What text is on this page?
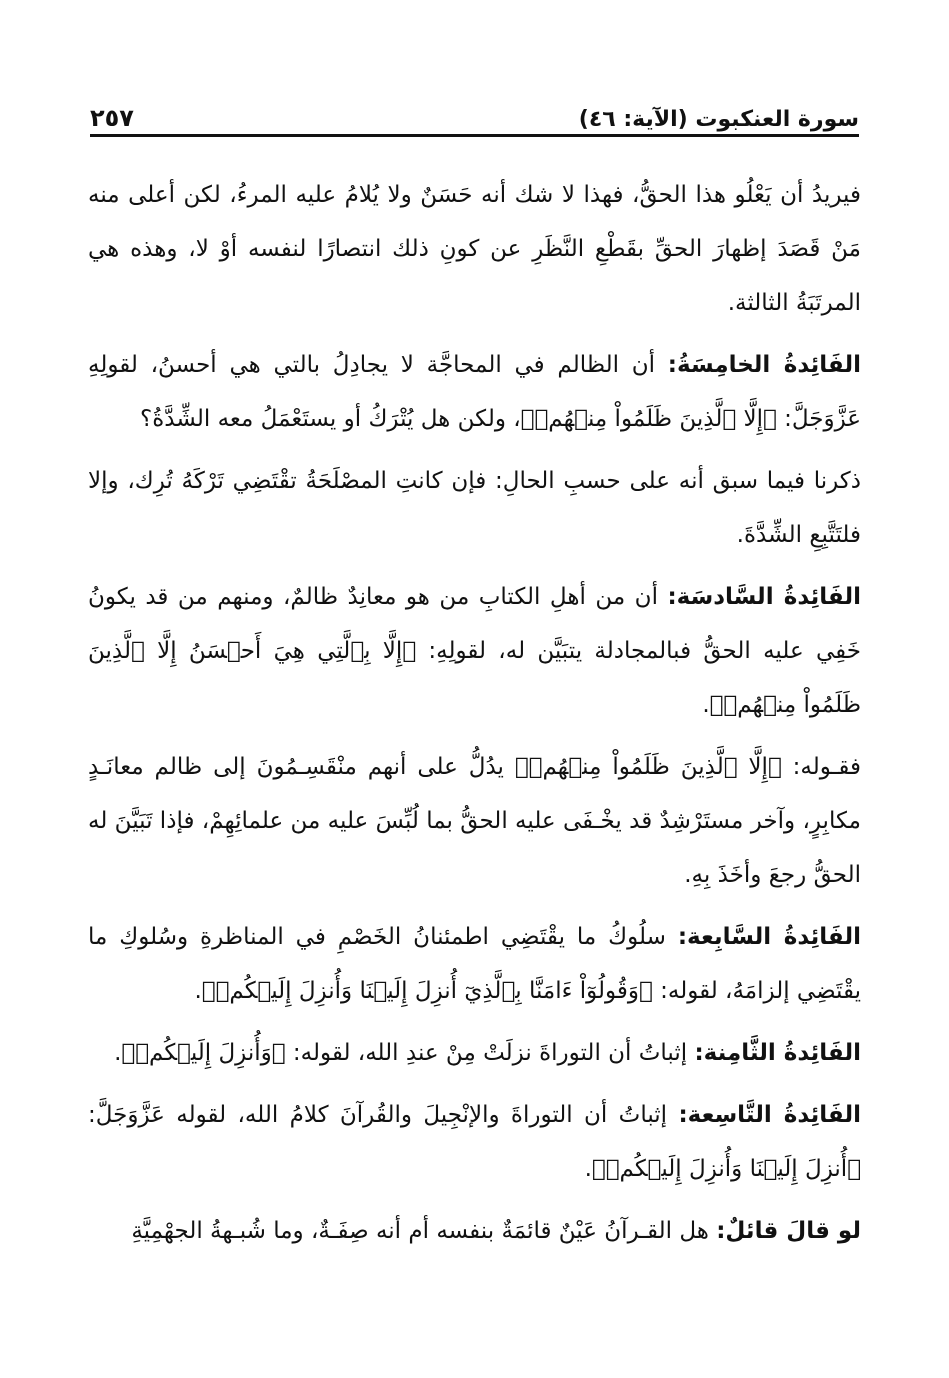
سورة العنكبوت (الآية: ٤٦)
٢٥٧

فيريدُ أن يَعْلُو هذا الحقُّ، فهذا لا شك أنه حَسَنٌ ولا يُلامُ عليه المرءُ، لكن أعلى منه مَنْ قَصَدَ إظهارَ الحقِّ بقَطْعِ النَّظَرِ عن كونِ ذلك انتصارًا لنفسه أوْ لا، وهذه هي المرتَبَةُ الثالثة.

الفَائِدةُ الخامِسَةُ: أن الظالم في المحاجَّة لا يجادِلُ بالتي هي أحسنُ، لقولِهِ عَزَّوَجَلَّ: ﴿إِلَّا ٱلَّذِينَ ظَلَمُواْ مِنۡهُمۡ﴾، ولكن هل يُتْرَكُ أو يستَعْمَلُ معه الشِّدَّةُ؟

ذكرنا فيما سبق أنه على حسبِ الحالِ: فإن كانتِ المصْلَحَةُ تقْتَضِي تَرْكَهُ تُرِك، وإلا فلتَتَّبِعِ الشِّدَّةَ.

الفَائِدةُ السَّادسَة: أن من أهلِ الكتابِ من هو معانِدٌ ظالمٌ، ومنهم من قد يكونُ خَفِي عليه الحقُّ فبالمجادلة يتبَيَّن له، لقولِهِ: ﴿إِلَّا بِٱلَّتِي هِيَ أَحۡسَنُ إِلَّا ٱلَّذِينَ ظَلَمُواْ مِنۡهُمۡ﴾.

فقـوله: ﴿إِلَّا ٱلَّذِينَ ظَلَمُواْ مِنۡهُمۡ﴾ يدُلُّ على أنهم منْقَسِـمُونَ إلى ظالم معانَـدٍ مكابِرٍ، وآخر مستَرْشِدٌ قد يخْـفَى عليه الحقُّ بما لُبِّسَ عليه من علمائِهِمْ، فإذا تَبَيَّنَ له الحقُّ رجعَ وأخَذَ بِهِ.

الفَائِدةُ السَّابِعة: سلُوكُ ما يقْتَضِي اطمئنانُ الخَصْمِ في المناظرةِ وسُلوكِ ما يقْتَضِي إلزامَهُ، لقوله: ﴿وَقُولُوٓاْ ءَامَنَّا بِٱلَّذِيٓ أُنزِلَ إِلَيۡنَا وَأُنزِلَ إِلَيۡكُمۡ﴾.

الفَائِدةُ الثَّامِنة: إثباتُ أن التوراةَ نزلَتْ مِنْ عندِ الله، لقوله: ﴿وَأُنزِلَ إِلَيۡكُمۡ﴾.

الفَائِدةُ التَّاسِعة: إثباتُ أن التوراةَ والإنْجِيلَ والقُرآنَ كلامُ الله، لقوله عَزَّوَجَلَّ: ﴿أُنزِلَ إِلَيۡنَا وَأُنزِلَ إِلَيۡكُمۡ﴾.

لو قالَ قائلٌ: هل القـرآنُ عَيْنٌ قائمَةٌ بنفسه أم أنه صِفَـةٌ، وما شُبـهةُ الجهْمِيَّةِ
